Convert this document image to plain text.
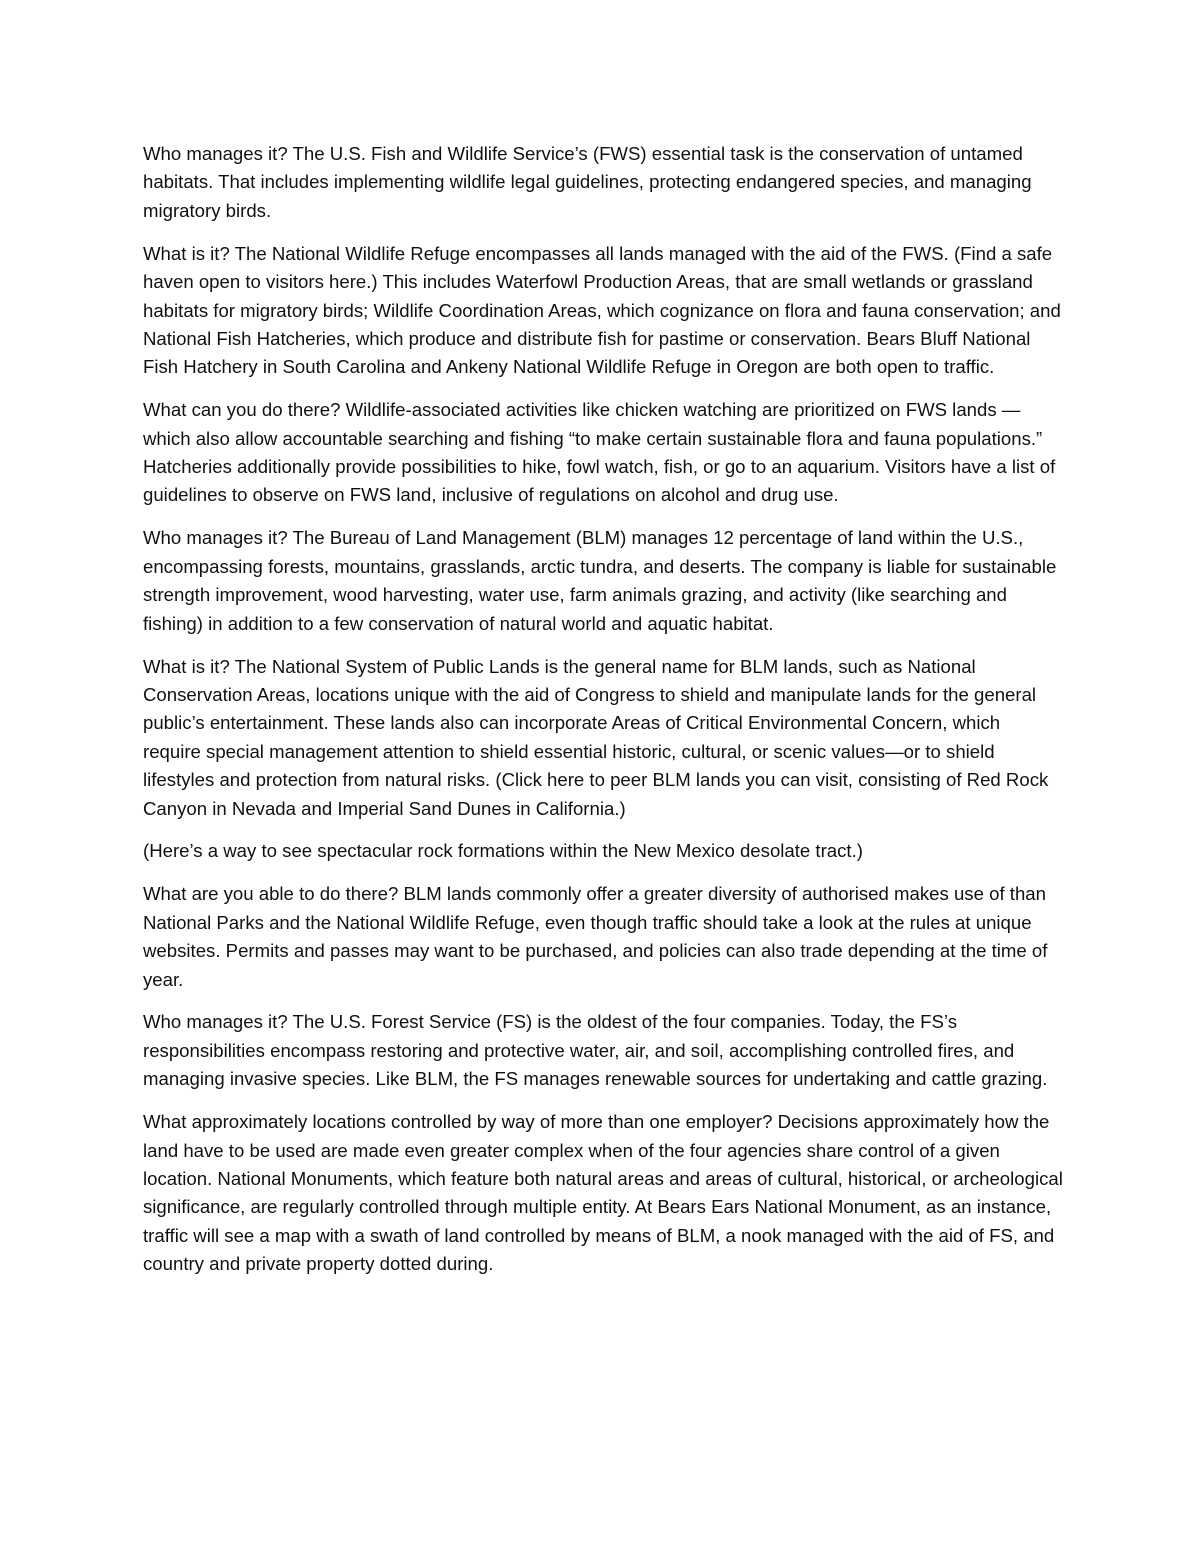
Who manages it? The U.S. Fish and Wildlife Service’s (FWS) essential task is the conservation of untamed habitats. That includes implementing wildlife legal guidelines, protecting endangered species, and managing migratory birds.

What is it? The National Wildlife Refuge encompasses all lands managed with the aid of the FWS. (Find a safe haven open to visitors here.) This includes Waterfowl Production Areas, that are small wetlands or grassland habitats for migratory birds; Wildlife Coordination Areas, which cognizance on flora and fauna conservation; and National Fish Hatcheries, which produce and distribute fish for pastime or conservation. Bears Bluff National Fish Hatchery in South Carolina and Ankeny National Wildlife Refuge in Oregon are both open to traffic.

What can you do there? Wildlife-associated activities like chicken watching are prioritized on FWS lands —which also allow accountable searching and fishing “to make certain sustainable flora and fauna populations.” Hatcheries additionally provide possibilities to hike, fowl watch, fish, or go to an aquarium. Visitors have a list of guidelines to observe on FWS land, inclusive of regulations on alcohol and drug use.

Who manages it? The Bureau of Land Management (BLM) manages 12 percentage of land within the U.S., encompassing forests, mountains, grasslands, arctic tundra, and deserts. The company is liable for sustainable strength improvement, wood harvesting, water use, farm animals grazing, and activity (like searching and fishing) in addition to a few conservation of natural world and aquatic habitat.

What is it? The National System of Public Lands is the general name for BLM lands, such as National Conservation Areas, locations unique with the aid of Congress to shield and manipulate lands for the general public’s entertainment. These lands also can incorporate Areas of Critical Environmental Concern, which require special management attention to shield essential historic, cultural, or scenic values—or to shield lifestyles and protection from natural risks. (Click here to peer BLM lands you can visit, consisting of Red Rock Canyon in Nevada and Imperial Sand Dunes in California.)

(Here’s a way to see spectacular rock formations within the New Mexico desolate tract.)

What are you able to do there? BLM lands commonly offer a greater diversity of authorised makes use of than National Parks and the National Wildlife Refuge, even though traffic should take a look at the rules at unique websites. Permits and passes may want to be purchased, and policies can also trade depending at the time of year.

Who manages it? The U.S. Forest Service (FS) is the oldest of the four companies. Today, the FS’s responsibilities encompass restoring and protective water, air, and soil, accomplishing controlled fires, and managing invasive species. Like BLM, the FS manages renewable sources for undertaking and cattle grazing.

What approximately locations controlled by way of more than one employer? Decisions approximately how the land have to be used are made even greater complex when of the four agencies share control of a given location. National Monuments, which feature both natural areas and areas of cultural, historical, or archeological significance, are regularly controlled through multiple entity. At Bears Ears National Monument, as an instance, traffic will see a map with a swath of land controlled by means of BLM, a nook managed with the aid of FS, and country and private property dotted during.
